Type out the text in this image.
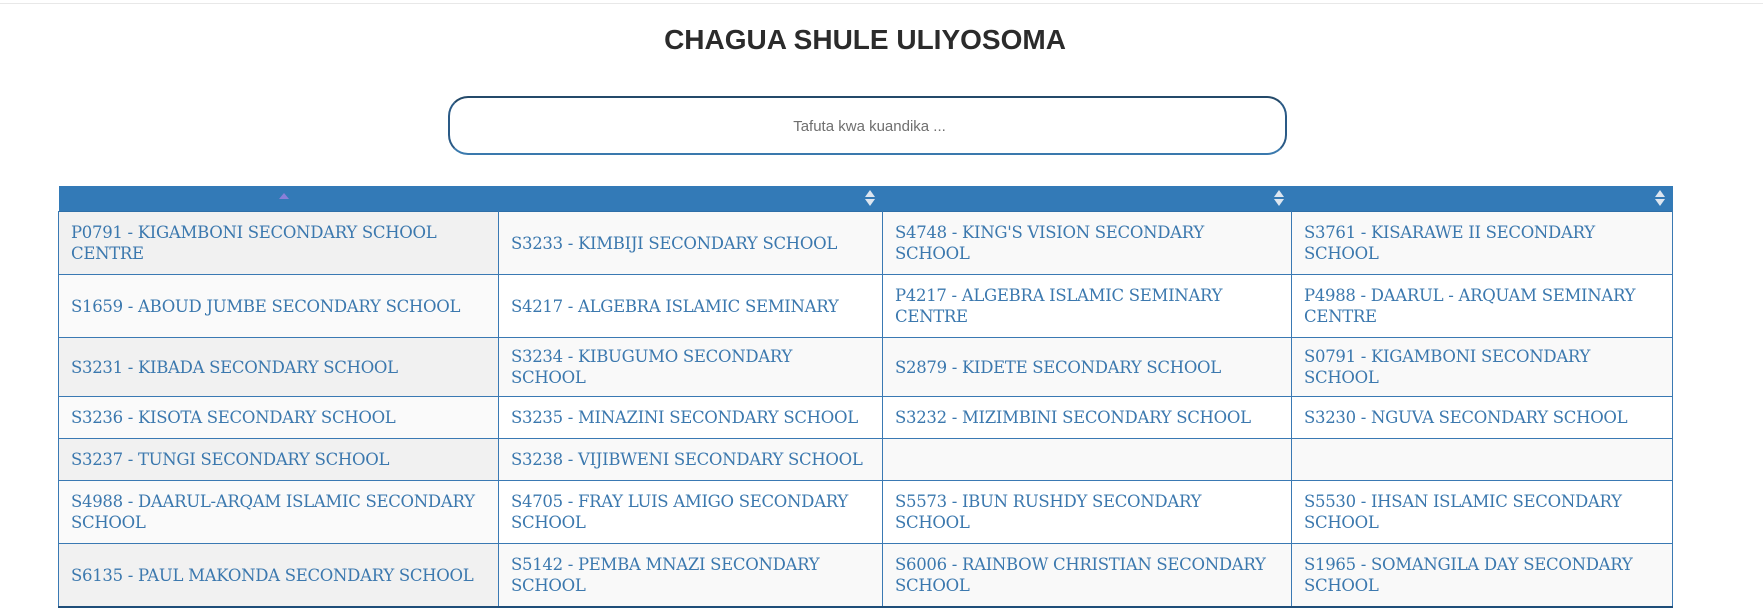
CHAGUA SHULE ULIYOSOMA
Tafuta kwa kuandika ...

P0791 - KIGAMBONI SECONDARY SCHOOL CENTRE	S3233 - KIMBIJI SECONDARY SCHOOL	S4748 - KING'S VISION SECONDARY SCHOOL	S3761 - KISARAWE II SECONDARY SCHOOL
S1659 - ABOUD JUMBE SECONDARY SCHOOL	S4217 - ALGEBRA ISLAMIC SEMINARY	P4217 - ALGEBRA ISLAMIC SEMINARY CENTRE	P4988 - DAARUL - ARQUAM SEMINARY CENTRE
S3231 - KIBADA SECONDARY SCHOOL	S3234 - KIBUGUMO SECONDARY SCHOOL	S2879 - KIDETE SECONDARY SCHOOL	S0791 - KIGAMBONI SECONDARY SCHOOL
S3236 - KISOTA SECONDARY SCHOOL	S3235 - MINAZINI SECONDARY SCHOOL	S3232 - MIZIMBINI SECONDARY SCHOOL	S3230 - NGUVA SECONDARY SCHOOL
S3237 - TUNGI SECONDARY SCHOOL	S3238 - VIJIBWENI SECONDARY SCHOOL		
S4988 - DAARUL-ARQAM ISLAMIC SECONDARY SCHOOL	S4705 - FRAY LUIS AMIGO SECONDARY SCHOOL	S5573 - IBUN RUSHDY SECONDARY SCHOOL	S5530 - IHSAN ISLAMIC SECONDARY SCHOOL
S6135 - PAUL MAKONDA SECONDARY SCHOOL	S5142 - PEMBA MNAZI SECONDARY SCHOOL	S6006 - RAINBOW CHRISTIAN SECONDARY SCHOOL	S1965 - SOMANGILA DAY SECONDARY SCHOOL
